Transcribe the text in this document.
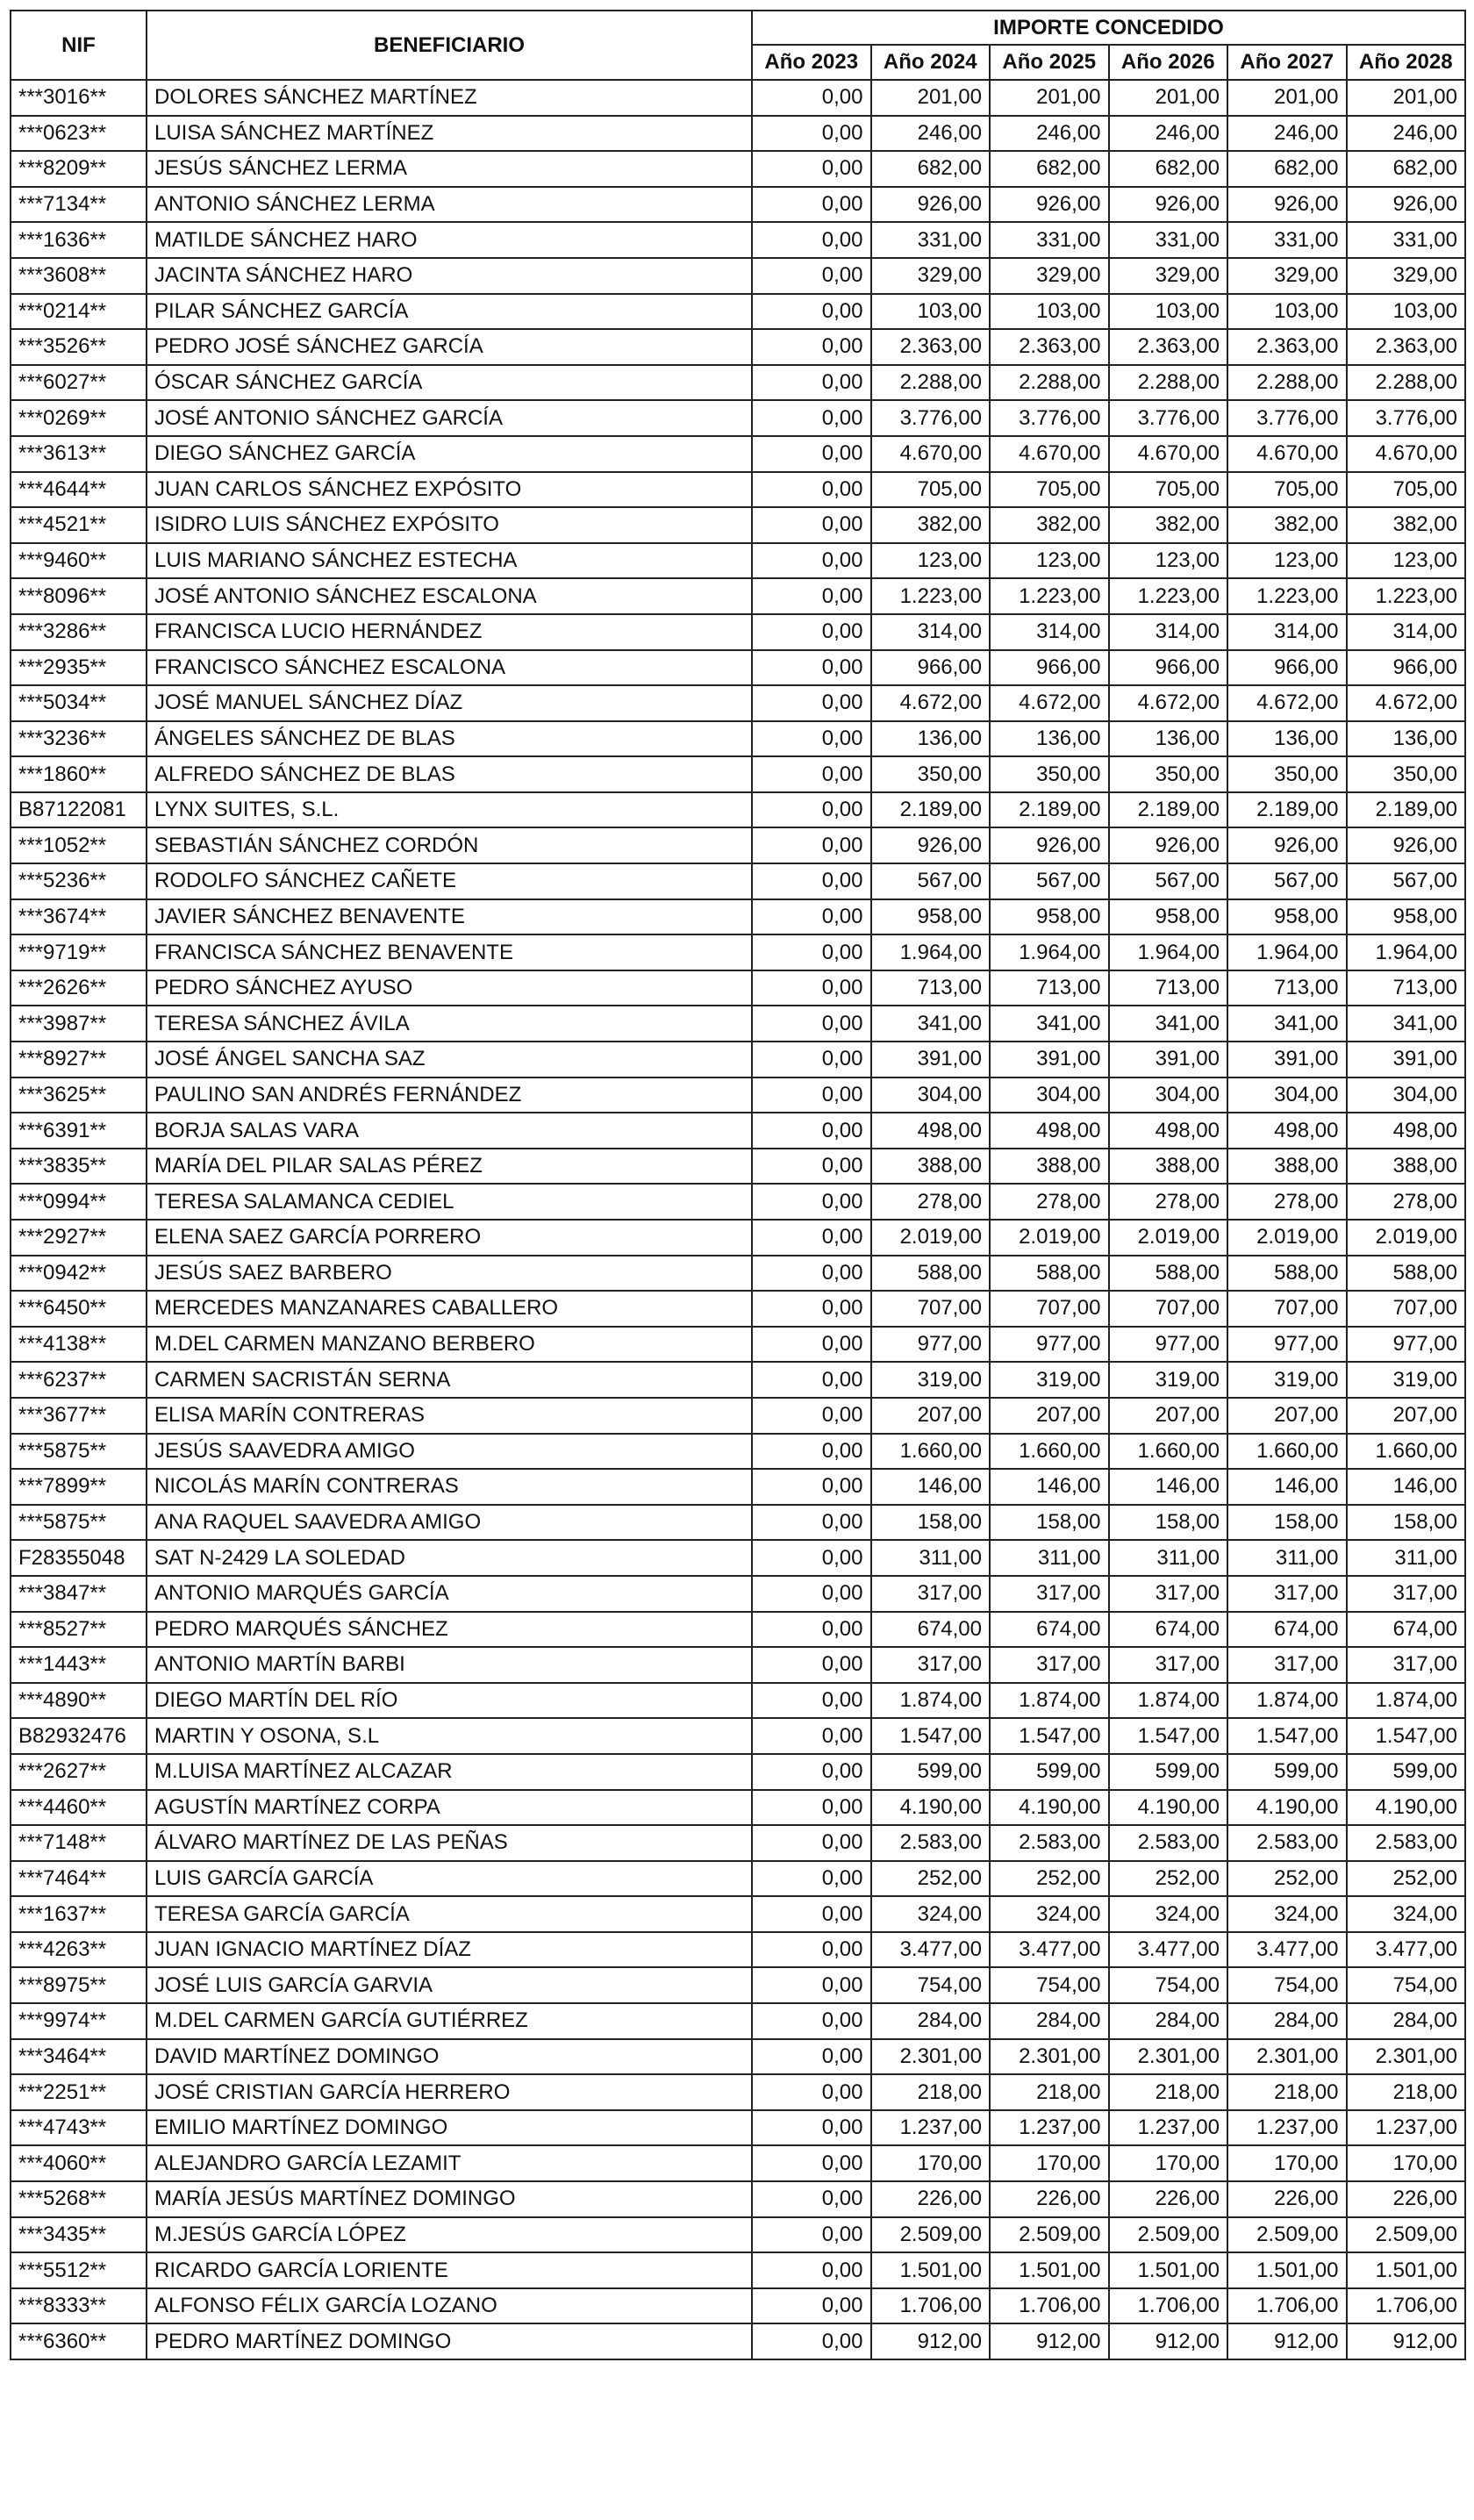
NIF	BENEFICIARIO	IMPORTE CONCEDIDO					
		Año 2023	Año 2024	Año 2025	Año 2026	Año 2027	Año 2028
***3016**	DOLORES SÁNCHEZ MARTÍNEZ	0,00	201,00	201,00	201,00	201,00	201,00
***0623**	LUISA SÁNCHEZ MARTÍNEZ	0,00	246,00	246,00	246,00	246,00	246,00
***8209**	JESÚS SÁNCHEZ LERMA	0,00	682,00	682,00	682,00	682,00	682,00
***7134**	ANTONIO SÁNCHEZ LERMA	0,00	926,00	926,00	926,00	926,00	926,00
***1636**	MATILDE SÁNCHEZ HARO	0,00	331,00	331,00	331,00	331,00	331,00
***3608**	JACINTA SÁNCHEZ HARO	0,00	329,00	329,00	329,00	329,00	329,00
***0214**	PILAR SÁNCHEZ GARCÍA	0,00	103,00	103,00	103,00	103,00	103,00
***3526**	PEDRO JOSÉ SÁNCHEZ GARCÍA	0,00	2.363,00	2.363,00	2.363,00	2.363,00	2.363,00
***6027**	ÓSCAR SÁNCHEZ GARCÍA	0,00	2.288,00	2.288,00	2.288,00	2.288,00	2.288,00
***0269**	JOSÉ ANTONIO SÁNCHEZ GARCÍA	0,00	3.776,00	3.776,00	3.776,00	3.776,00	3.776,00
***3613**	DIEGO SÁNCHEZ GARCÍA	0,00	4.670,00	4.670,00	4.670,00	4.670,00	4.670,00
***4644**	JUAN CARLOS SÁNCHEZ EXPÓSITO	0,00	705,00	705,00	705,00	705,00	705,00
***4521**	ISIDRO LUIS SÁNCHEZ EXPÓSITO	0,00	382,00	382,00	382,00	382,00	382,00
***9460**	LUIS MARIANO SÁNCHEZ ESTECHA	0,00	123,00	123,00	123,00	123,00	123,00
***8096**	JOSÉ ANTONIO SÁNCHEZ ESCALONA	0,00	1.223,00	1.223,00	1.223,00	1.223,00	1.223,00
***3286**	FRANCISCA LUCIO HERNÁNDEZ	0,00	314,00	314,00	314,00	314,00	314,00
***2935**	FRANCISCO SÁNCHEZ ESCALONA	0,00	966,00	966,00	966,00	966,00	966,00
***5034**	JOSÉ MANUEL SÁNCHEZ DÍAZ	0,00	4.672,00	4.672,00	4.672,00	4.672,00	4.672,00
***3236**	ÁNGELES SÁNCHEZ DE BLAS	0,00	136,00	136,00	136,00	136,00	136,00
***1860**	ALFREDO SÁNCHEZ DE BLAS	0,00	350,00	350,00	350,00	350,00	350,00
B87122081	LYNX SUITES, S.L.	0,00	2.189,00	2.189,00	2.189,00	2.189,00	2.189,00
***1052**	SEBASTIÁN SÁNCHEZ CORDÓN	0,00	926,00	926,00	926,00	926,00	926,00
***5236**	RODOLFO SÁNCHEZ CAÑETE	0,00	567,00	567,00	567,00	567,00	567,00
***3674**	JAVIER SÁNCHEZ BENAVENTE	0,00	958,00	958,00	958,00	958,00	958,00
***9719**	FRANCISCA SÁNCHEZ BENAVENTE	0,00	1.964,00	1.964,00	1.964,00	1.964,00	1.964,00
***2626**	PEDRO SÁNCHEZ AYUSO	0,00	713,00	713,00	713,00	713,00	713,00
***3987**	TERESA SÁNCHEZ ÁVILA	0,00	341,00	341,00	341,00	341,00	341,00
***8927**	JOSÉ ÁNGEL SANCHA SAZ	0,00	391,00	391,00	391,00	391,00	391,00
***3625**	PAULINO SAN ANDRÉS FERNÁNDEZ	0,00	304,00	304,00	304,00	304,00	304,00
***6391**	BORJA SALAS VARA	0,00	498,00	498,00	498,00	498,00	498,00
***3835**	MARÍA DEL PILAR SALAS PÉREZ	0,00	388,00	388,00	388,00	388,00	388,00
***0994**	TERESA SALAMANCA CEDIEL	0,00	278,00	278,00	278,00	278,00	278,00
***2927**	ELENA SAEZ GARCÍA PORRERO	0,00	2.019,00	2.019,00	2.019,00	2.019,00	2.019,00
***0942**	JESÚS SAEZ BARBERO	0,00	588,00	588,00	588,00	588,00	588,00
***6450**	MERCEDES MANZANARES CABALLERO	0,00	707,00	707,00	707,00	707,00	707,00
***4138**	M.DEL CARMEN MANZANO BERBERO	0,00	977,00	977,00	977,00	977,00	977,00
***6237**	CARMEN SACRISTÁN SERNA	0,00	319,00	319,00	319,00	319,00	319,00
***3677**	ELISA MARÍN CONTRERAS	0,00	207,00	207,00	207,00	207,00	207,00
***5875**	JESÚS SAAVEDRA AMIGO	0,00	1.660,00	1.660,00	1.660,00	1.660,00	1.660,00
***7899**	NICOLÁS MARÍN CONTRERAS	0,00	146,00	146,00	146,00	146,00	146,00
***5875**	ANA RAQUEL SAAVEDRA AMIGO	0,00	158,00	158,00	158,00	158,00	158,00
F28355048	SAT N-2429 LA SOLEDAD	0,00	311,00	311,00	311,00	311,00	311,00
***3847**	ANTONIO MARQUÉS GARCÍA	0,00	317,00	317,00	317,00	317,00	317,00
***8527**	PEDRO MARQUÉS SÁNCHEZ	0,00	674,00	674,00	674,00	674,00	674,00
***1443**	ANTONIO MARTÍN BARBI	0,00	317,00	317,00	317,00	317,00	317,00
***4890**	DIEGO MARTÍN DEL RÍO	0,00	1.874,00	1.874,00	1.874,00	1.874,00	1.874,00
B82932476	MARTIN Y OSONA, S.L	0,00	1.547,00	1.547,00	1.547,00	1.547,00	1.547,00
***2627**	M.LUISA MARTÍNEZ ALCAZAR	0,00	599,00	599,00	599,00	599,00	599,00
***4460**	AGUSTÍN MARTÍNEZ CORPA	0,00	4.190,00	4.190,00	4.190,00	4.190,00	4.190,00
***7148**	ÁLVARO MARTÍNEZ DE LAS PEÑAS	0,00	2.583,00	2.583,00	2.583,00	2.583,00	2.583,00
***7464**	LUIS GARCÍA GARCÍA	0,00	252,00	252,00	252,00	252,00	252,00
***1637**	TERESA GARCÍA GARCÍA	0,00	324,00	324,00	324,00	324,00	324,00
***4263**	JUAN IGNACIO MARTÍNEZ DÍAZ	0,00	3.477,00	3.477,00	3.477,00	3.477,00	3.477,00
***8975**	JOSÉ LUIS GARCÍA GARVIA	0,00	754,00	754,00	754,00	754,00	754,00
***9974**	M.DEL CARMEN GARCÍA GUTIÉRREZ	0,00	284,00	284,00	284,00	284,00	284,00
***3464**	DAVID MARTÍNEZ DOMINGO	0,00	2.301,00	2.301,00	2.301,00	2.301,00	2.301,00
***2251**	JOSÉ CRISTIAN GARCÍA HERRERO	0,00	218,00	218,00	218,00	218,00	218,00
***4743**	EMILIO MARTÍNEZ DOMINGO	0,00	1.237,00	1.237,00	1.237,00	1.237,00	1.237,00
***4060**	ALEJANDRO GARCÍA LEZAMIT	0,00	170,00	170,00	170,00	170,00	170,00
***5268**	MARÍA JESÚS MARTÍNEZ DOMINGO	0,00	226,00	226,00	226,00	226,00	226,00
***3435**	M.JESÚS GARCÍA LÓPEZ	0,00	2.509,00	2.509,00	2.509,00	2.509,00	2.509,00
***5512**	RICARDO GARCÍA LORIENTE	0,00	1.501,00	1.501,00	1.501,00	1.501,00	1.501,00
***8333**	ALFONSO FÉLIX GARCÍA LOZANO	0,00	1.706,00	1.706,00	1.706,00	1.706,00	1.706,00
***6360**	PEDRO MARTÍNEZ DOMINGO	0,00	912,00	912,00	912,00	912,00	912,00
